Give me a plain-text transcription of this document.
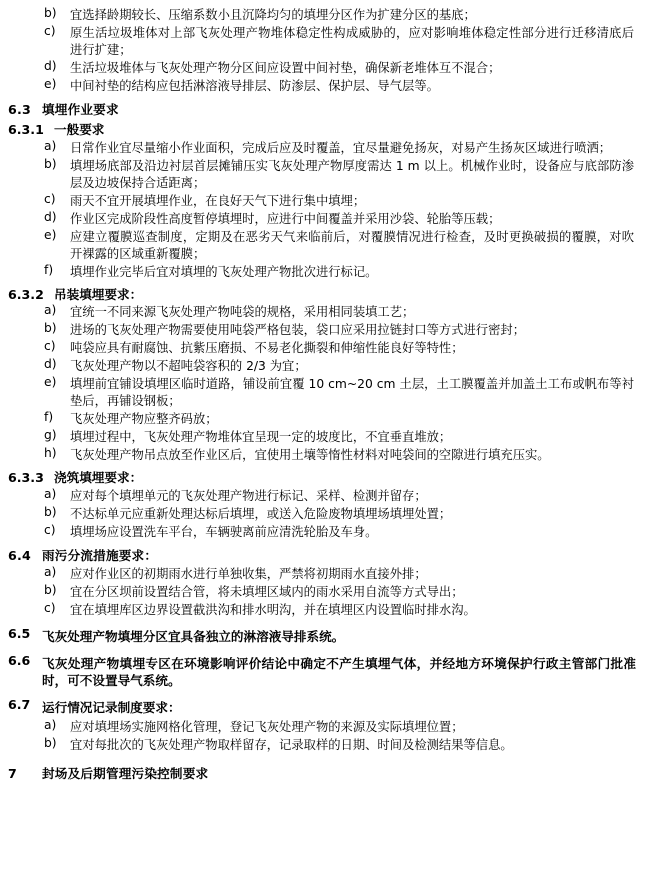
b)	宜选择龄期较长、压缩系数小且沉降均匀的填埋分区作为扩建分区的基底；
c)	原生活垃圾堆体对上部飞灰处理产物堆体稳定性构成威胁的，应对影响堆体稳定性部分进行迁移清底后进行扩建；
d)	生活垃圾堆体与飞灰处理产物分区间应设置中间衬垫，确保新老堆体互不混合；
e)	中间衬垫的结构应包括淋溶液导排层、防渗层、保护层、导气层等。
6.3 填埋作业要求
6.3.1 一般要求
a)	日常作业宜尽量缩小作业面积，完成后应及时覆盖，宜尽量避免扬灰，对易产生扬灰区域进行喷洒；
b)	填埋场底部及沿边衬层首层摊铺压实飞灰处理产物厚度需达 1 m 以上。机械作业时，设备应与底部防渗层及边坡保持合适距离；
c)	雨天不宜开展填埋作业，在良好天气下进行集中填埋；
d)	作业区完成阶段性高度暂停填埋时，应进行中间覆盖并采用沙袋、轮胎等压载；
e)	应建立覆膜巡查制度，定期及在恶劣天气来临前后，对覆膜情况进行检查，及时更换破损的覆膜，对吹开裸露的区域重新覆膜；
f)	填埋作业完毕后宜对填埋的飞灰处理产物批次进行标记。
6.3.2 吊装填埋要求：
a)	宜统一不同来源飞灰处理产物吨袋的规格，采用相同装填工艺；
b)	进场的飞灰处理产物需要使用吨袋严格包装，袋口应采用拉链封口等方式进行密封；
c)	吨袋应具有耐腐蚀、抗紫压磨损、不易老化撕裂和伸缩性能良好等特性；
d)	飞灰处理产物以不超吨袋容积的 2/3 为宜；
e)	填埋前宜铺设填埋区临时道路，铺设前宜覆 10 cm~20 cm 土层，土工膜覆盖并加盖土工布或帆布等衬垫后，再铺设钢板；
f)	飞灰处理产物应整齐码放；
g)	填埋过程中，飞灰处理产物堆体宜呈现一定的坡度比，不宜垂直堆放；
h)	飞灰处理产物吊点放至作业区后，宜使用土壤等惰性材料对吨袋间的空隙进行填充压实。
6.3.3 浇筑填埋要求：
a)	应对每个填埋单元的飞灰处理产物进行标记、采样、检测并留存；
b)	不达标单元应重新处理达标后填埋，或送入危险废物填埋场填埋处置；
c)	填埋场应设置洗车平台，车辆驶离前应清洗轮胎及车身。
6.4 雨污分流措施要求：
a)	应对作业区的初期雨水进行单独收集，严禁将初期雨水直接外排；
b)	宜在分区坝前设置结合管，将未填埋区域内的雨水采用自流等方式导出；
c)	宜在填埋库区边界设置截洪沟和排水明沟，并在填埋区内设置临时排水沟。
6.5 飞灰处理产物填埋分区宜具备独立的淋溶液导排系统。
6.6 飞灰处理产物填埋专区在环境影响评价结论中确定不产生填埋气体，并经地方环境保护行政主管部门批准时，可不设置导气系统。
6.7 运行情况记录制度要求：
a)	应对填埋场实施网格化管理，登记飞灰处理产物的来源及实际填埋位置；
b)	宜对每批次的飞灰处理产物取样留存，记录取样的日期、时间及检测结果等信息。
7 封场及后期管理污染控制要求
